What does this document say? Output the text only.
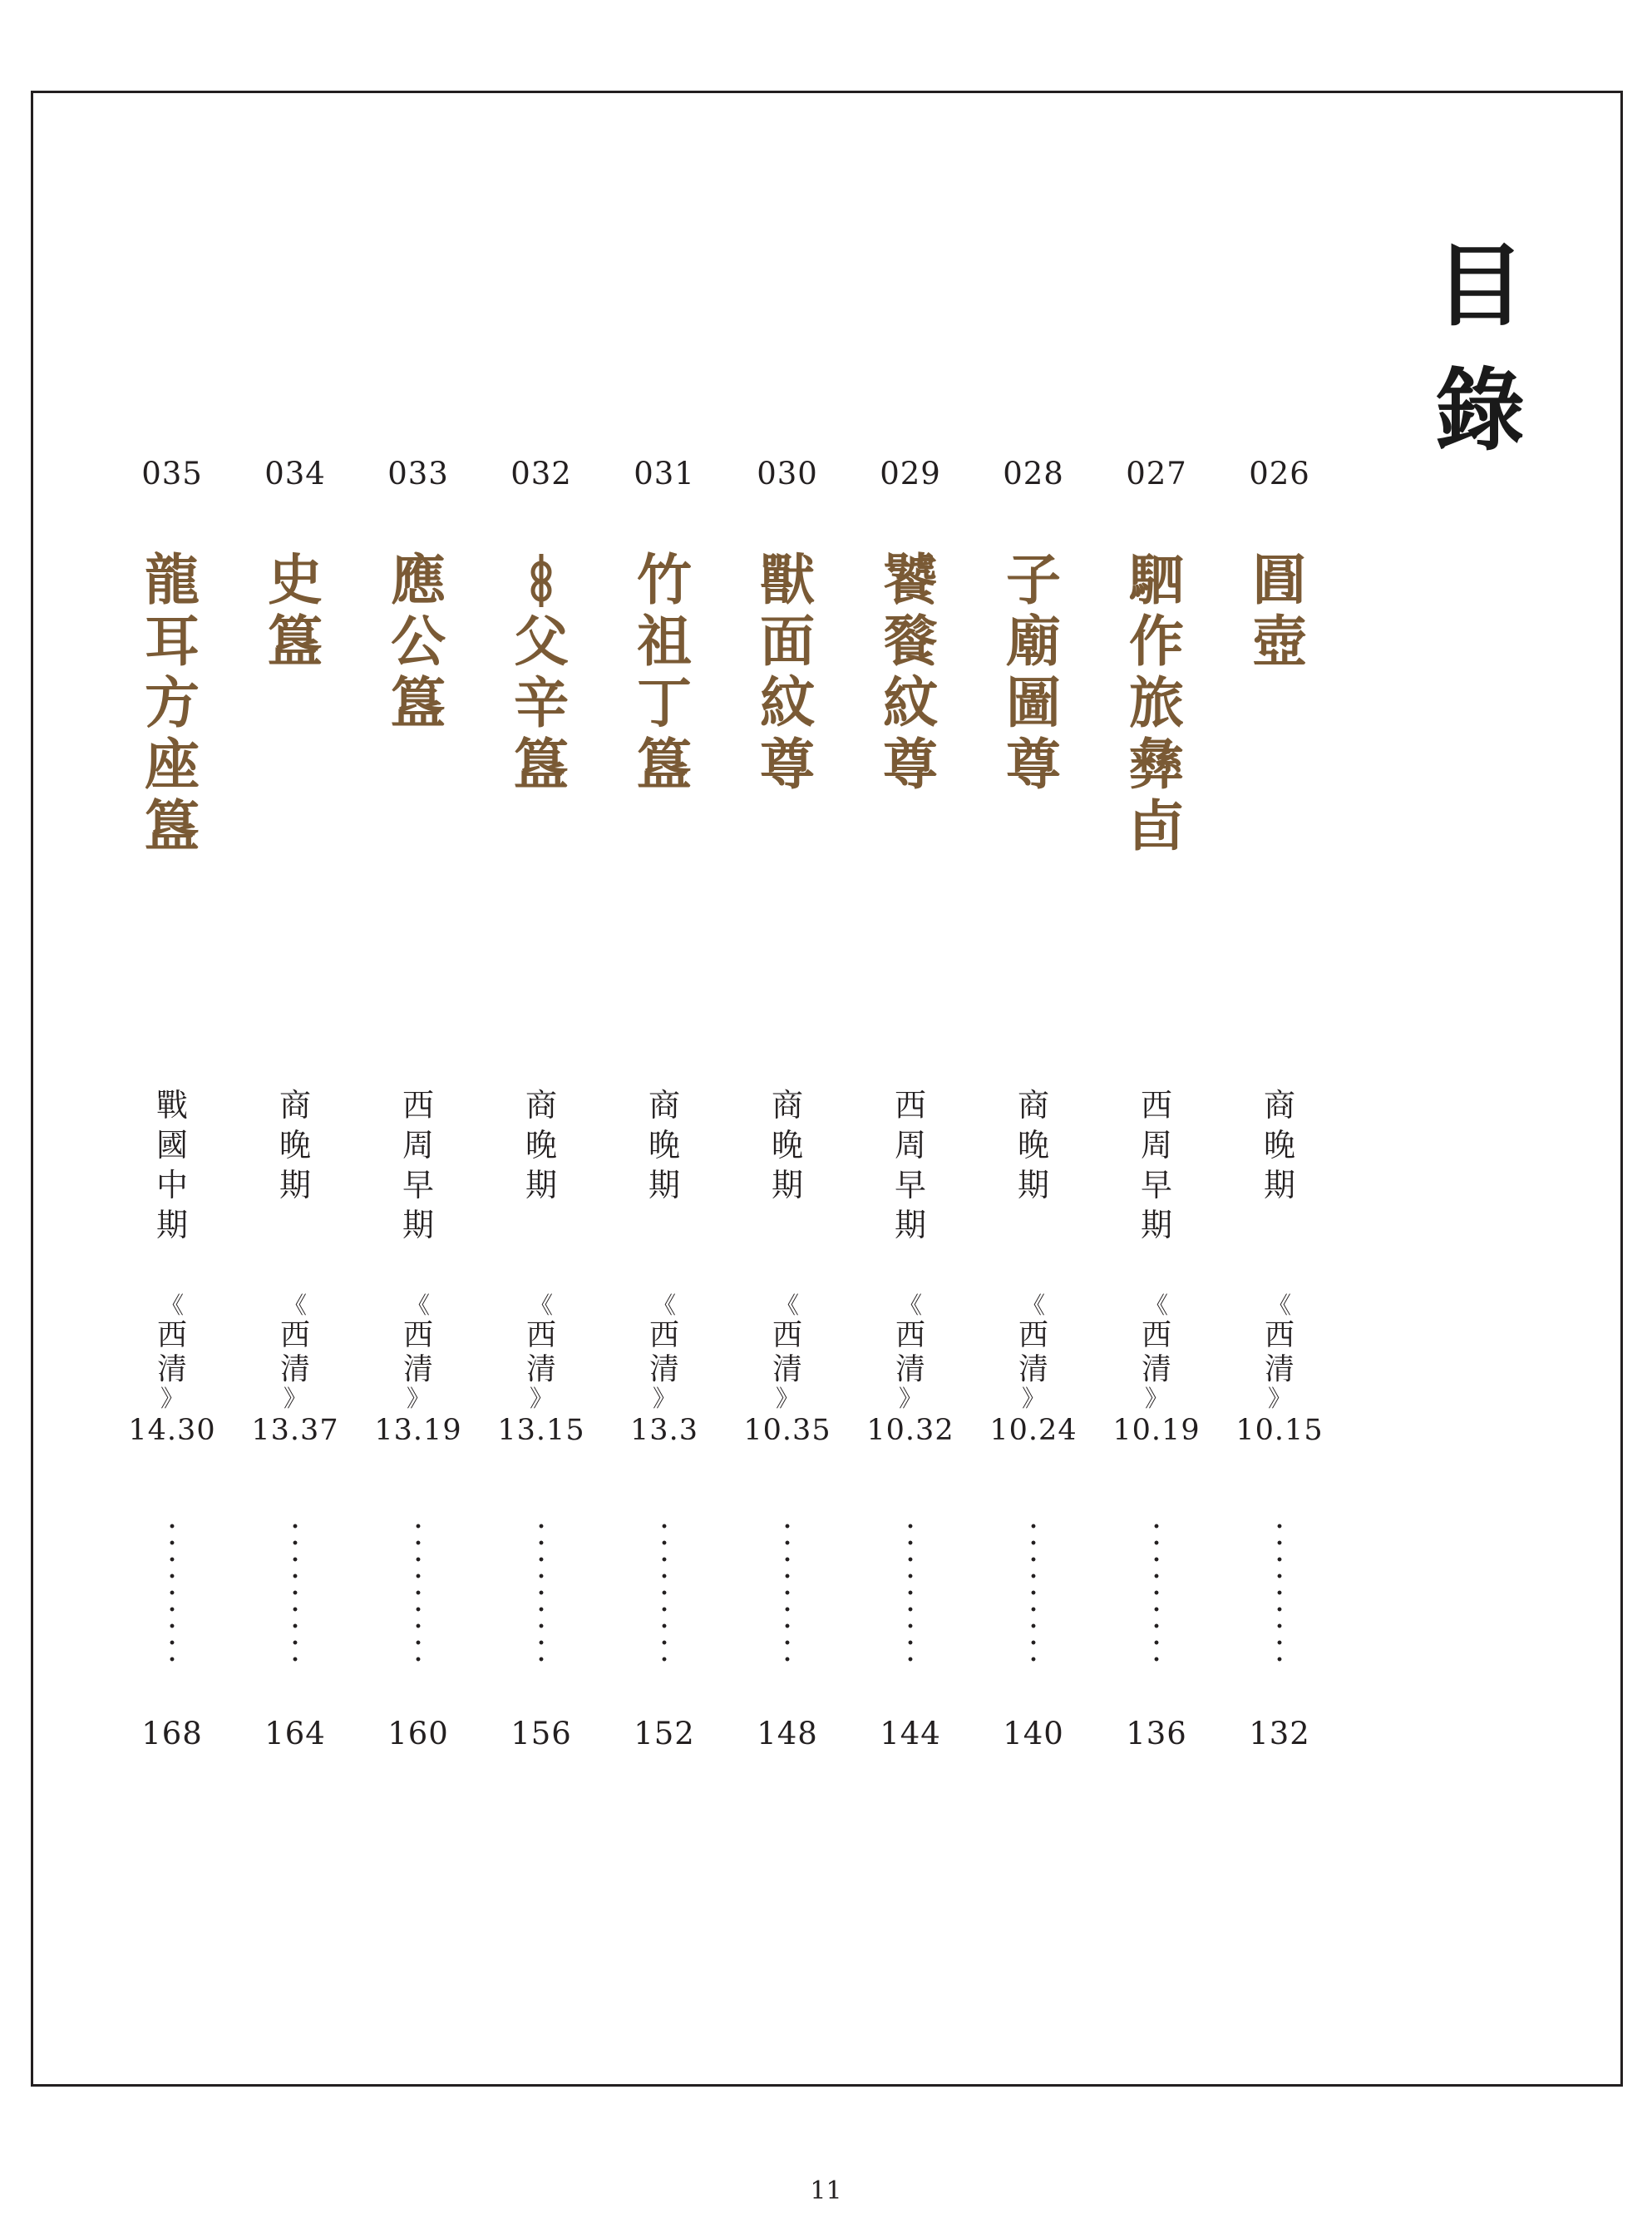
目
錄
026
㘣
壺
商
晚
期
《
西
清
》
10.15
132
027
駟
作
旅
彝
卣
西
周
早
期
《
西
清
》
10.19
136
028
子
廟
圖
尊
商
晚
期
《
西
清
》
10.24
140
029
饕
餮
紋
尊
西
周
早
期
《
西
清
》
10.32
144
030
獸
面
紋
尊
商
晚
期
《
西
清
》
10.35
148
031
竹
祖
丁
簋
商
晚
期
《
西
清
》
13.3
152
032
父
辛
簋
商
晚
期
《
西
清
》
13.15
156
033
應
公
簋
西
周
早
期
《
西
清
》
13.19
160
034
史
簋
商
晚
期
《
西
清
》
13.37
164
035
龍
耳
方
座
簋
戰
國
中
期
《
西
清
》
14.30
168
11
